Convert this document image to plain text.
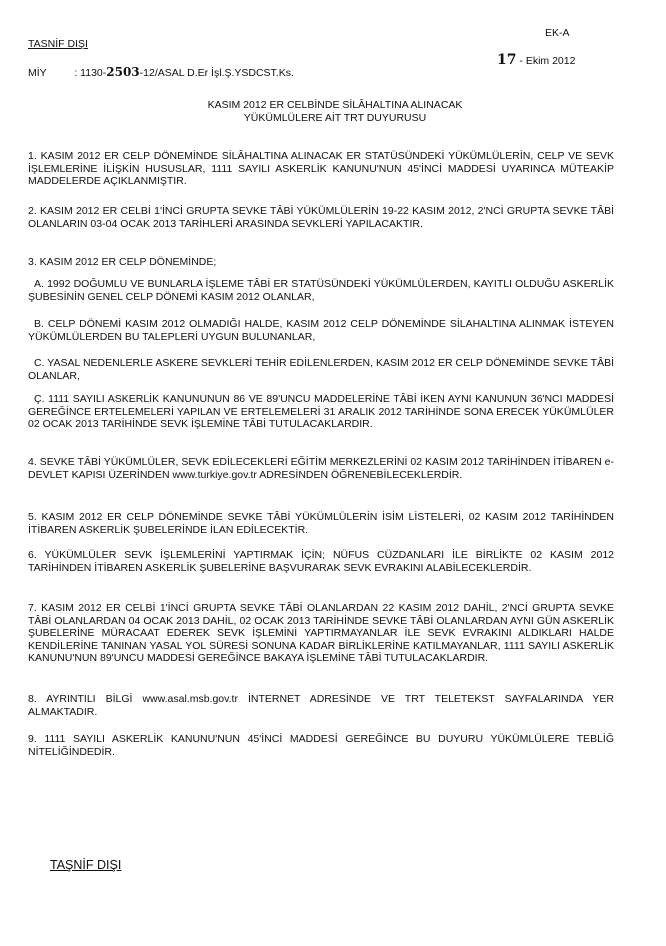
EK-A
TASNİF DIŞI
MİY	: 1130-2503-12/ASAL D.Er İşl.Ş.YSDCST.Ks.
17 - Ekim 2012
KASIM 2012 ER CELBİNDE SİLÂHALTINA ALINACAK
YÜKÜMLÜLERE AİT TRT DUYURUSU
1. KASIM 2012 ER CELP DÖNEMİNDE SİLÂHALTINA ALINACAK ER STATÜSÜNDEKİ YÜKÜMLÜLERİN, CELP VE SEVK İŞLEMLERİNE İLİŞKİN HUSUSLAR, 1111 SAYILI ASKERLİK KANUNU'NUN 45'İNCİ MADDESİ UYARINCA MÜTEAKİP MADDELERDE AÇIKLANMIŞTIR.
2. KASIM 2012 ER CELBİ 1'İNCİ GRUPTA SEVKE TÂBİ YÜKÜMLÜLERİN 19-22 KASIM 2012, 2'NCİ GRUPTA SEVKE TÂBİ OLANLARIN 03-04 OCAK 2013 TARİHLERİ ARASINDA SEVKLERİ YAPILACAKTIR.
3. KASIM 2012 ER CELP DÖNEMİNDE;
A. 1992 DOĞUMLU VE BUNLARLA İŞLEME TÂBİ ER STATÜSÜNDEKİ YÜKÜMLÜLERDEN, KAYITLI OLDUĞU ASKERLİK ŞUBESİNİN GENEL CELP DÖNEMİ KASIM 2012 OLANLAR,
B. CELP DÖNEMİ KASIM 2012 OLMADIĞI HALDE, KASIM 2012 CELP DÖNEMİNDE SİLAHALTINA ALINMAK İSTEYEN YÜKÜMLÜLERDEN BU TALEPLERİ UYGUN BULUNANLAR,
C. YASAL NEDENLERLE ASKERE SEVKLERİ TEHİR EDİLENLERDEN, KASIM 2012 ER CELP DÖNEMİNDE SEVKE TÂBİ OLANLAR,
Ç. 1111 SAYILI ASKERLİK KANUNUNUN 86 VE 89'UNCU MADDELERİNE TÂBİ İKEN AYNI KANUNUN 36'NCI MADDESİ GEREĞİNCE ERTELEMELERİ YAPILAN VE ERTELEMELERİ 31 ARALIK 2012 TARİHİNDE SONA ERECEK YÜKÜMLÜLER 02 OCAK 2013 TARİHİNDE SEVK İŞLEMİNE TÂBİ TUTULACAKLARDIR.
4. SEVKE TÂBİ YÜKÜMLÜLER, SEVK EDİLECEKLERİ EĞİTİM MERKEZLERİNİ 02 KASIM 2012 TARİHİNDEN İTİBAREN e-DEVLET KAPISI ÜZERİNDEN www.turkiye.gov.tr ADRESİNDEN ÖĞRENEBİLECEKLERDİR.
5. KASIM 2012 ER CELP DÖNEMİNDE SEVKE TÂBİ YÜKÜMLÜLERİN İSİM LİSTELERİ, 02 KASIM 2012 TARİHİNDEN İTİBAREN ASKERLİK ŞUBELERİNDE İLAN EDİLECEKTİR.
6. YÜKÜMLÜLER SEVK İŞLEMLERİNİ YAPTIRMAK İÇİN; NÜFUS CÜZDANLARI İLE BİRLİKTE 02 KASIM 2012 TARİHİNDEN İTİBAREN ASKERLİK ŞUBELERİNE BAŞVURARAK SEVK EVRAKINI ALABİLECEKLERDİR.
7. KASIM 2012 ER CELBİ 1'İNCİ GRUPTA SEVKE TÂBİ OLANLARDAN 22 KASIM 2012 DAHİL, 2'NCİ GRUPTA SEVKE TÂBİ OLANLARDAN 04 OCAK 2013 DAHİL, 02 OCAK 2013 TARİHİNDE SEVKE TÂBİ OLANLARDAN AYNI GÜN ASKERLİK ŞUBELERİNE MÜRACAAT EDEREK SEVK İŞLEMİNİ YAPTIRMAYANLAR İLE SEVK EVRAKINI ALDIKLARI HALDE KENDİLERİNE TANINAN YASAL YOL SÜRESİ SONUNA KADAR BİRLİKLERİNE KATILMAYANLAR, 1111 SAYILI ASKERLİK KANUNU'NUN 89'UNCU MADDESİ GEREĞİNCE BAKAYA İŞLEMİNE TÂBİ TUTULACAKLARDIR.
8. AYRINTILI BİLGİ www.asal.msb.gov.tr İNTERNET ADRESİNDE VE TRT TELETEKST SAYFALARINDA YER ALMAKTADIR.
9. 1111 SAYILI ASKERLİK KANUNU'NUN 45'İNCİ MADDESİ GEREĞİNCE BU DUYURU YÜKÜMLÜLERE TEBLİĞ NİTELİĞİNDEDİR.
TAŞNİF DIŞI
